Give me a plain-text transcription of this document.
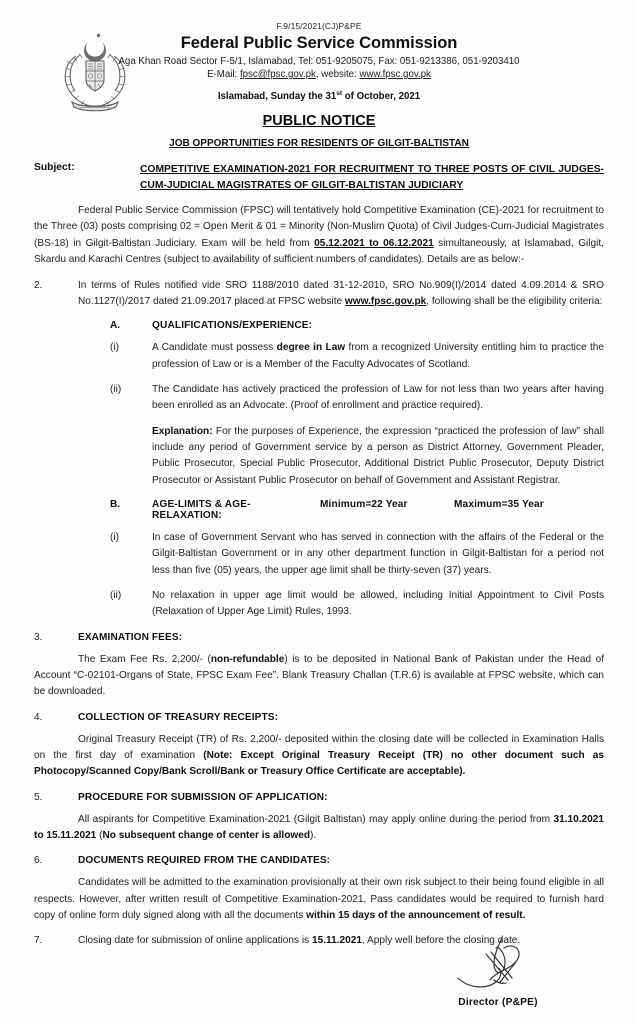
F.9/15/2021(CJ)P&PE
Federal Public Service Commission
Aga Khan Road Sector F-5/1, Islamabad, Tel: 051-9205075, Fax: 051-9213386, 051-9203410
E-Mail: fpsc@fpsc.gov.pk, website: www.fpsc.gov.pk
Islamabad, Sunday the 31st of October, 2021
PUBLIC NOTICE
JOB OPPORTUNITIES FOR RESIDENTS OF GILGIT-BALTISTAN
Subject:	COMPETITIVE EXAMINATION-2021 FOR RECRUITMENT TO THREE POSTS OF CIVIL JUDGES-CUM-JUDICIAL MAGISTRATES OF GILGIT-BALTISTAN JUDICIARY
Federal Public Service Commission (FPSC) will tentatively hold Competitive Examination (CE)-2021 for recruitment to the Three (03) posts comprising 02 = Open Merit & 01 = Minority (Non-Muslim Quota) of Civil Judges-Cum-Judicial Magistrates (BS-18) in Gilgit-Baltistan Judiciary. Exam will be held from 05.12.2021 to 06.12.2021 simultaneously, at Islamabad, Gilgit, Skardu and Karachi Centres (subject to availability of sufficient numbers of candidates). Details are as below:-
2.	In terms of Rules notified vide SRO 1188/2010 dated 31-12-2010, SRO No.909(I)/2014 dated 4.09.2014 & SRO No.1127(I)/2017 dated 21.09.2017 placed at FPSC website www.fpsc.gov.pk, following shall be the eligibility criteria:
A.	QUALIFICATIONS/EXPERIENCE:
(i)	A Candidate must possess degree in Law from a recognized University entitling him to practice the profession of Law or is a Member of the Faculty Advocates of Scotland.
(ii)	The Candidate has actively practiced the profession of Law for not less than two years after having been enrolled as an Advocate. (Proof of enrollment and practice required).
Explanation: For the purposes of Experience, the expression “practiced the profession of law” shall include any period of Government service by a person as District Attorney, Government Pleader, Public Prosecutor, Special Public Prosecutor, Additional District Public Prosecutor, Deputy District Prosecutor or Assistant Public Prosecutor on behalf of Government and Assistant Registrar.
B.	AGE-LIMITS & AGE-RELAXATION:
Minimum=22 Year	Maximum=35 Year
(i)	In case of Government Servant who has served in connection with the affairs of the Federal or the Gilgit-Baltistan Government or in any other department function in Gilgit-Baltistan for a period not less than five (05) years, the upper age limit shall be thirty-seven (37) years.
(ii)	No relaxation in upper age limit would be allowed, including Initial Appointment to Civil Posts (Relaxation of Upper Age Limit) Rules, 1993.
3.	EXAMINATION FEES:
The Exam Fee Rs. 2,200/- (non-refundable) is to be deposited in National Bank of Pakistan under the Head of Account “C-02101-Organs of State, FPSC Exam Fee”. Blank Treasury Challan (T.R.6) is available at FPSC website, which can be downloaded.
4.	COLLECTION OF TREASURY RECEIPTS:
Original Treasury Receipt (TR) of Rs. 2,200/- deposited within the closing date will be collected in Examination Halls on the first day of examination (Note: Except Original Treasury Receipt (TR) no other document such as Photocopy/Scanned Copy/Bank Scroll/Bank or Treasury Office Certificate are acceptable).
5.	PROCEDURE FOR SUBMISSION OF APPLICATION:
All aspirants for Competitive Examination-2021 (Gilgit Baltistan) may apply online during the period from 31.10.2021 to 15.11.2021 (No subsequent change of center is allowed).
6.	DOCUMENTS REQUIRED FROM THE CANDIDATES:
Candidates will be admitted to the examination provisionally at their own risk subject to their being found eligible in all respects. However, after written result of Competitive Examination-2021, Pass candidates would be required to furnish hard copy of online form duly signed along with all the documents within 15 days of the announcement of result.
7.	Closing date for submission of online applications is 15.11.2021, Apply well before the closing date.
Director (P&PE)
